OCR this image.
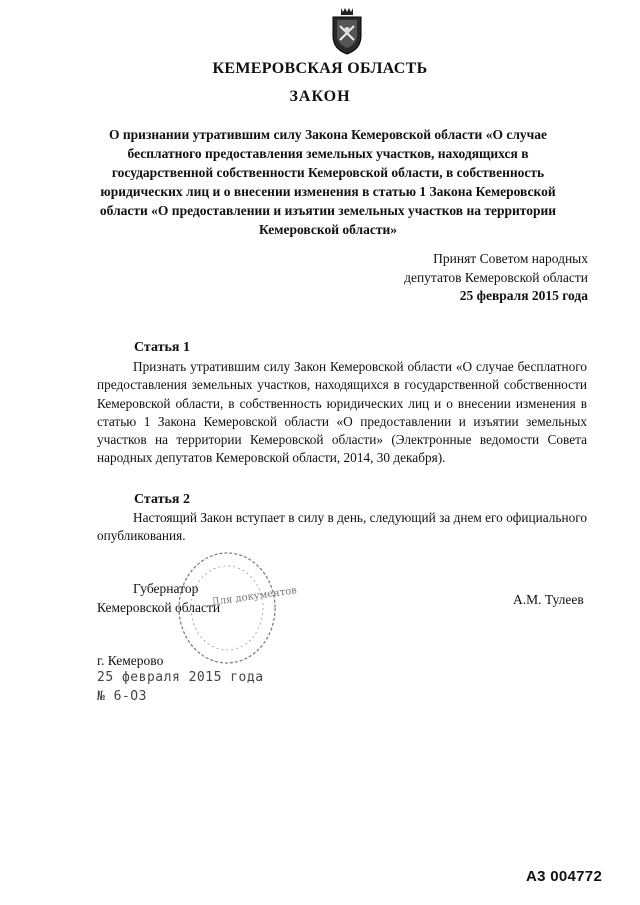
КЕМЕРОВСКАЯ ОБЛАСТЬ
ЗАКОН
О признании утратившим силу Закона Кемеровской области «О случае бесплатного предоставления земельных участков, находящихся в государственной собственности Кемеровской области, в собственность юридических лиц и о внесении изменения в статью 1 Закона Кемеровской области «О предоставлении и изъятии земельных участков на территории Кемеровской области»
Принят Советом народных
депутатов Кемеровской области
25 февраля 2015 года
Статья 1

Признать утратившим силу Закон Кемеровской области «О случае бесплатного предоставления земельных участков, находящихся в государственной собственности Кемеровской области, в собственность юридических лиц и о внесении изменения в статью 1 Закона Кемеровской области «О предоставлении и изъятии земельных участков на территории Кемеровской области» (Электронные ведомости Совета народных депутатов Кемеровской области, 2014, 30 декабря).

Статья 2

Настоящий Закон вступает в силу в день, следующий за днем его официального опубликования.

Для документов
Губернатор
Кемеровской области	А.М. Тулеев
г. Кемерово
25 февраля 2015 года
№ 6-ОЗ
А3 004772
